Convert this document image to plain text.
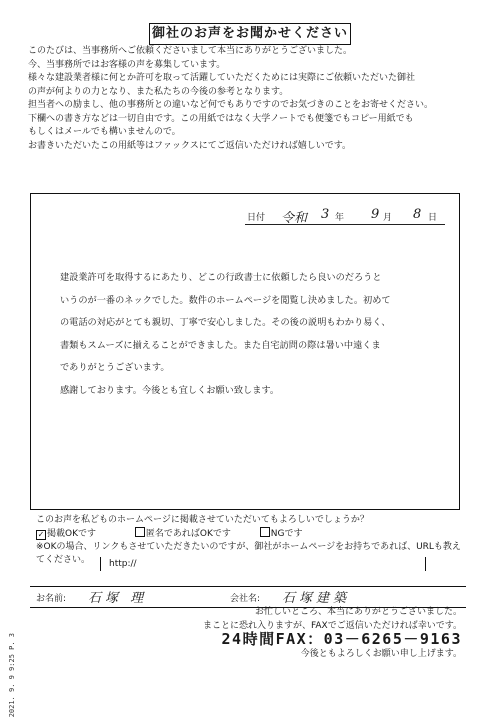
御社のお声をお聞かせください
このたびは、当事務所へご依頼くださいまして本当にありがとうございました。
今、当事務所ではお客様の声を募集しています。
様々な建設業者様に何とか許可を取って活躍していただくためには実際にご依頼いただいた御社
の声が何よりの力となり、また私たちの今後の参考となります。
担当者への励まし、他の事務所との違いなど何でもありですのでお気づきのことをお寄せください。
下欄への書き方などは一切自由です。この用紙ではなく大学ノートでも便箋でもコピー用紙でも
もしくはメールでも構いませんので。
お書きいただいたこの用紙等はファックスにてご返信いただければ嬉しいです。
日付 令和 3 年 9 月 8 日
建設業許可を取得するにあたり、どこの行政書士に依頼したら良いのだろうと
いうのが一番のネックでした。数件のホームページを閲覧し決めました。初めて
の電話の対応がとても親切、丁寧で安心しました。その後の説明もわかり易く、
書類もスムーズに揃えることができました。また自宅訪問の際は暑い中遠くま
でありがとうございます。
感謝しております。今後とも宜しくお願い致します。
このお声を私どものホームページに掲載させていただいてもよろしいでしょうか？
✓ 掲載OKです	匿名であればOKです	NGです
※OKの場合、リンクもさせていただきたいのですが、御社がホームページをお持ちであれば、URLも教え
てください。	http://
お名前: 石塚 理	会社名: 石塚建築
お忙しいところ、本当にありがとうございました。
まことに恐れ入りますが、FAXでご返信いただければ幸いです。
24時間FAX：03－6265－9163
今後ともよろしくお願い申し上げます。
2021. 9. 9 9:25 P. 3
